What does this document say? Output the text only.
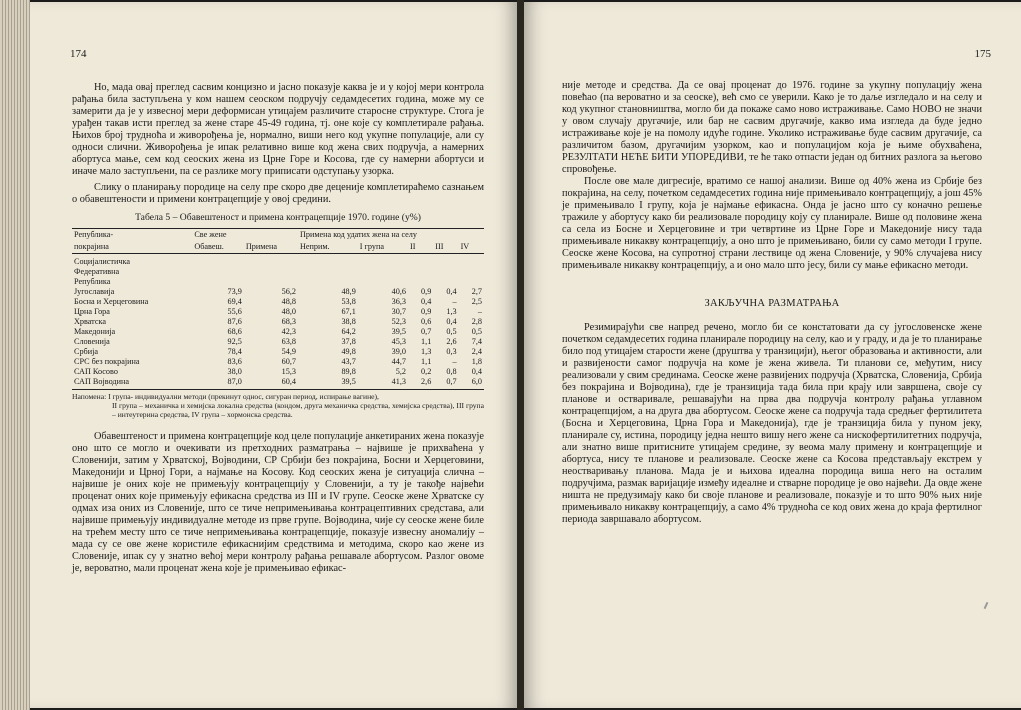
174

Но, мада овај преглед сасвим концизно и јасно показује каква је и у којој мери контрола рађања била заступљена у ком нашем сеоском подручју седамдесетих година, може му се замерити да је у извесној мери деформисан утицајем различите старосне структуре. Стога је урађен такав исти преглед за жене старе 45-49 година, тј. оне које су комплетирале рађања. Њихов број трудноћа и живорођења је, нормално, виши него код укупне популације, али су односи слични. Живорођења је ипак релативно више код жена свих подручја, а намерних абортуса мање, сем код сеоских жена из Црне Горе и Косова, где су намерни абортуси и иначе мало заступљени, па се разлике могу приписати одступању узорка.

Слику о планирању породице на селу пре скоро две деценије комплетираћемо сазнањем о обавештености и примени контрацепције у овој средини.

Табела 5 – Обавештеност и примена контрацепције 1970. године (у%)
Република-	Све жене		Примена код удатих жена на селу				
покрајина	Обавеш.	Примена	Неприм.	I група	II	III	IV
Социјалистичка							
Федеративна							
Република							
Југославија	73,9	56,2	48,9	40,6	0,9	0,4	2,7
Босна и Херцеговина	69,4	48,8	53,8	36,3	0,4	–	2,5
Црна Гора	55,6	48,0	67,1	30,7	0,9	1,3	–
Хрватска	87,6	68,3	38,8	52,3	0,6	0,4	2,8
Македонија	68,6	42,3	64,2	39,5	0,7	0,5	0,5
Словенија	92,5	63,8	37,8	45,3	1,1	2,6	7,4
Србија	78,4	54,9	49,8	39,0	1,3	0,3	2,4
СРС без покрајина	83,6	60,7	43,7	44,7	1,1	–	1,8
САП Косово	38,0	15,3	89,8	5,2	0,2	0,8	0,4
САП Војводина	87,0	60,4	39,5	41,3	2,6	0,7	6,0
Напомена: I група- индивидуални методи (прекинут однос, сигуран период, испирање вагине),
II група – механичка и хемијска локална средства (кондом, друга механичка средства, хемијска средства), III група – интеутерина средства, IV група – хормонска средства.

Обавештеност и примена контрацепције код целе популације анкетираних жена показује оно што се могло и очекивати из претходних разматрања – највише је прихваћена у Словенији, затим у Хрватској, Војводини, СР Србији без покрајина, Босни и Херцеговини, Македонији и Црној Гори, а најмање на Косову. Код сеоских жена је ситуација слична – највише је оних које не примењују контрацепцију у Словенији, а ту је такође највећи проценат оних које примењују ефикасна средства из III и IV групе. Сеоске жене Хрватске су одмах иза оних из Словеније, што се тиче непримењивања контрацептивних средстава, али највише примењују индивидуалне методе из прве групе. Војводина, чије су сеоске жене биле на трећем месту што се тиче непримењивања контрацепције, показује извесну аномалију – мада су се ове жене користиле ефикаснијим средствима и методима, скоро као жене из Словеније, ипак су у знатно већој мери контролу рађања решавале абортусом. Разлог овоме је, вероватно, мали проценат жена које је примењивао ефикас-

175

није методе и средства. Да се овај проценат до 1976. године за укупну популацију жена повећао (па вероватно и за сеоске), већ смо се уверили. Како је то даље изгледало и на селу и код укупног становништва, могло би да покаже само ново истраживање. Само НОВО не значи у овом случају другачије, или бар не сасвим другачије, какво има изгледа да буде једно истраживање које је на помолу идуће године. Уколико истраживање буде сасвим другачије, са различитом базом, другачијим узорком, као и популацијом која је њиме обухваћена, РЕЗУЛТАТИ НЕЋЕ БИТИ УПОРЕДИВИ, те ће тако отпасти један од битних разлога за његово спровођење.

После ове мале дигресије, вратимо се нашој анализи. Више од 40% жена из Србије без покрајина, на селу, почетком седамдесетих година није примењивало контрацепцију, а још 45% је примењивало I групу, која је најмање ефикасна. Онда је јасно што су коначно решење тражиле у абортусу како би реализовале породицу коју су планирале. Више од половине жена са села из Босне и Херцеговине и три четвртине из Црне Горе и Македоније нису тада примењивале никакву контрацепцију, а оно што је примењивано, били су само методи I групе. Сеоске жене Косова, на супротној страни лествице од жена Словеније, у 90% случајева нису примењивале никакву контрацепцију, а и оно мало што јесу, били су мање ефикасно методи.

ЗАКЉУЧНА РАЗМАТРАЊА

Резимирајући све напред речено, могло би се констатовати да су југословенске жене почетком седамдесетих година планирале породицу на селу, као и у граду, и да је то планирање било под утицајем старости жене (друштва у транзицији), његог образовања и активности, али и развијености самог подручја на коме је жена живела. Ти планови се, међутим, нису реализовали у свим срединама. Сеоске жене развијених подручја (Хрватска, Словенија, Србија без покрајина и Војводина), где је транзиција тада била при крају или завршена, своје су планове и остваривале, решавајући на прва два подручја контролу рађања углавном контрацепцијом, а на друга два абортусом. Сеоске жене са подручја тада средњег фертилитета (Босна и Херцеговина, Црна Гора и Македонија), где је транзиција била у пуном јеку, планирале су, истина, породицу једна нешто вишу него жене са нискофертилитетних подручја, али знатно више притисните утицајем средине, зу веома малу примену и контрацепције и абортуса, нису те планове и реализовале. Сеоске жене са Косова представљају екстрем у неостваривању планова. Мада је и њихова идеална породица виша него на осталим подручјима, размак варијације између идеалне и стварне породице је ово највећи. Да овде жене ништа не предузимају како би своје планове и реализовале, показује и то што 90% њих није примењивало никакву контрацепцију, а само 4% трудноћа се код ових жена до краја фертилног периода завршавало абортусом.
